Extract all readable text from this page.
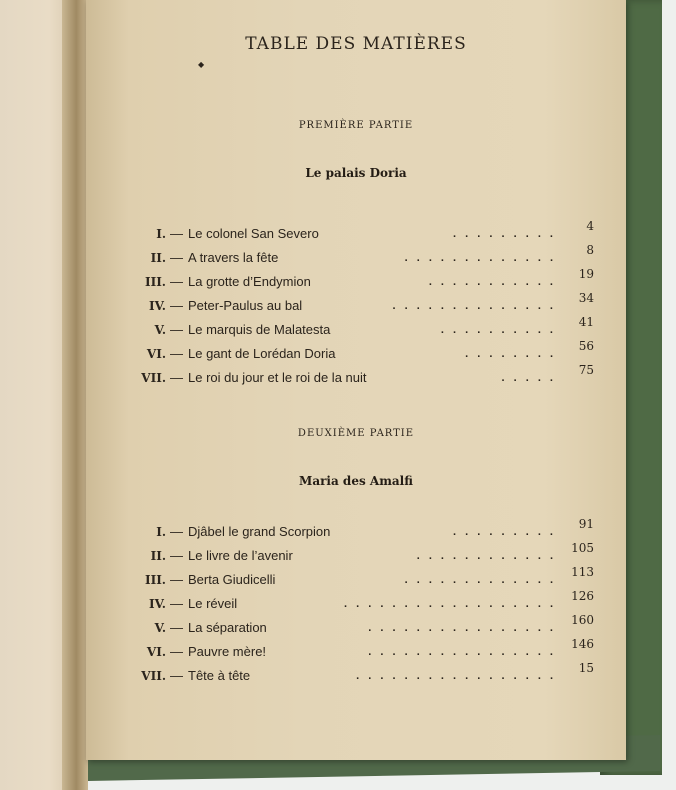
TABLE DES MATIÈRES
◆
PREMIÈRE PARTIE
Le palais Doria
I. — Le colonel San Severo	. . . . . . . . .
4
II. — A travers la fête	. . . . . . . . . . . . .
8
III. — La grotte d’Endymion	. . . . . . . . . . .
19
IV. — Peter-Paulus au bal	. . . . . . . . . . . . . .
34
V. — Le marquis de Malatesta	. . . . . . . . . .
41
VI. — Le gant de Lorédan Doria	. . . . . . . .
56
VII. — Le roi du jour et le roi de la nuit	. . . . .
75
DEUXIÈME PARTIE
Maria des Amalfi
I. — Djâbel le grand Scorpion	. . . . . . . . .
91
II. — Le livre de l’avenir	. . . . . . . . . . . .
105
III. — Berta Giudicelli	. . . . . . . . . . . . .
113
IV. — Le réveil	. . . . . . . . . . . . . . . . . .
126
V. — La séparation	. . . . . . . . . . . . . . . .
160
VI. — Pauvre mère!	. . . . . . . . . . . . . . . .
146
VII. — Tête à tête	. . . . . . . . . . . . . . . . .
15
